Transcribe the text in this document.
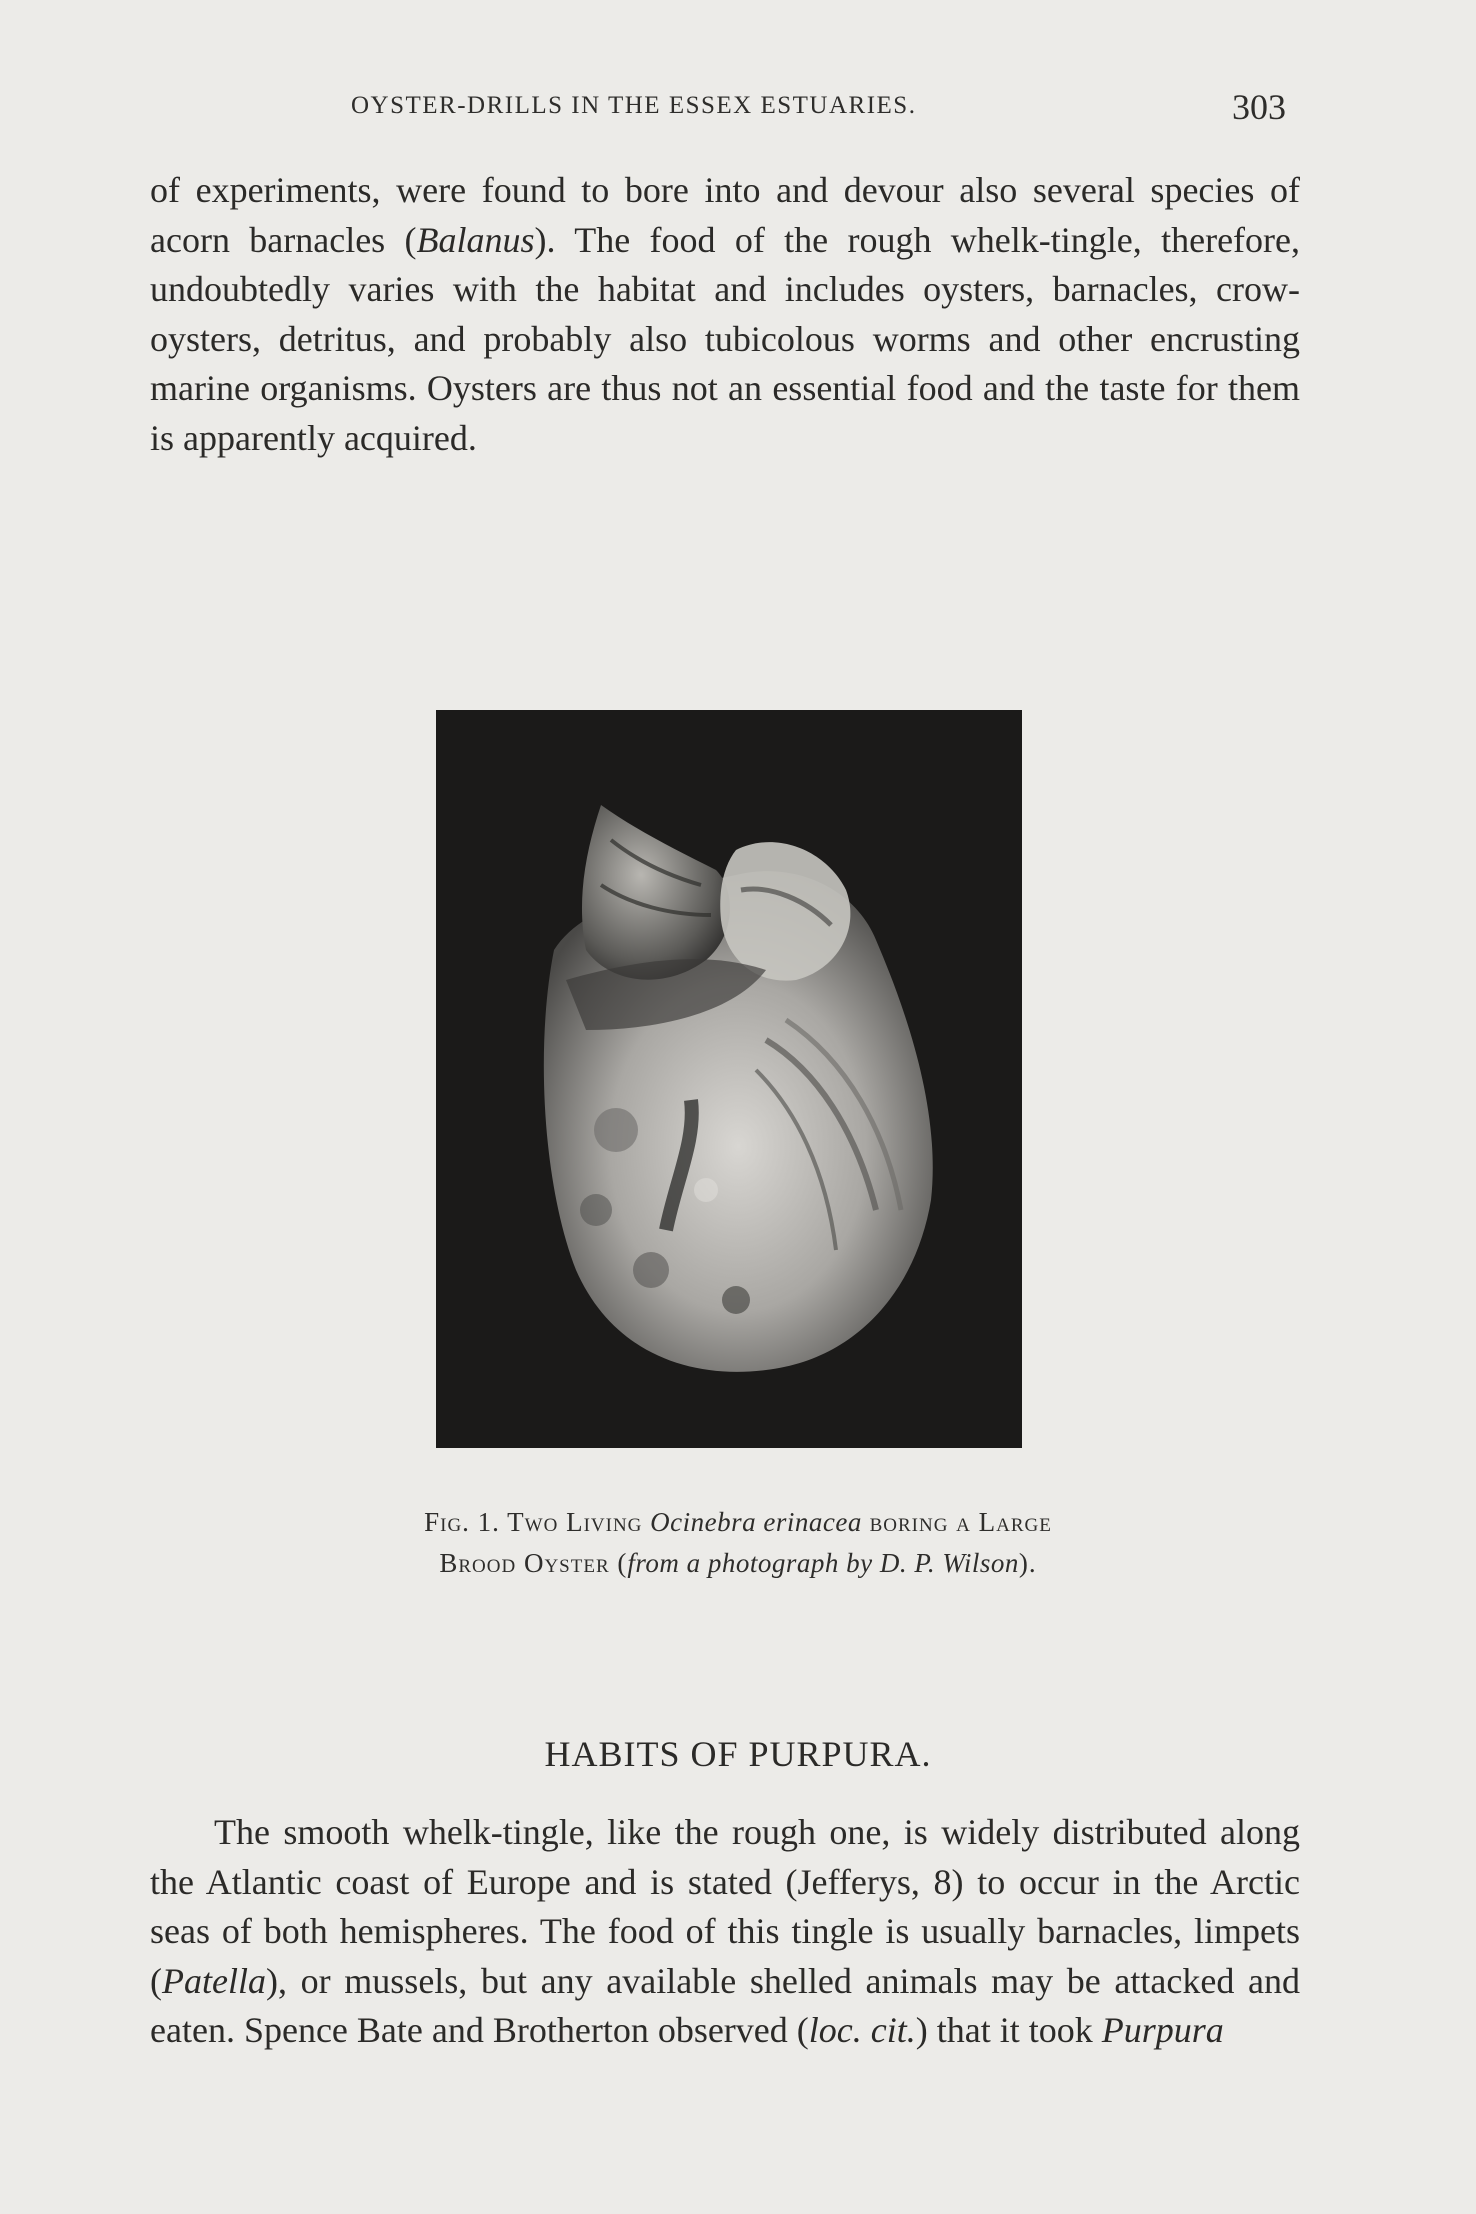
OYSTER-DRILLS IN THE ESSEX ESTUARIES.	303
of experiments, were found to bore into and devour also several species of acorn barnacles (Balanus). The food of the rough whelk-tingle, therefore, undoubtedly varies with the habitat and includes oysters, barnacles, crow-oysters, detritus, and probably also tubicolous worms and other encrusting marine organisms. Oysters are thus not an essential food and the taste for them is apparently acquired.
Fig. 1. Two Living Ocinebra erinacea boring a Large
Brood Oyster (from a photograph by D. P. Wilson).
HABITS OF PURPURA.
The smooth whelk-tingle, like the rough one, is widely distributed along the Atlantic coast of Europe and is stated (Jefferys, 8) to occur in the Arctic seas of both hemispheres. The food of this tingle is usually barnacles, limpets (Patella), or mussels, but any available shelled animals may be attacked and eaten. Spence Bate and Brotherton observed (loc. cit.) that it took Purpura
